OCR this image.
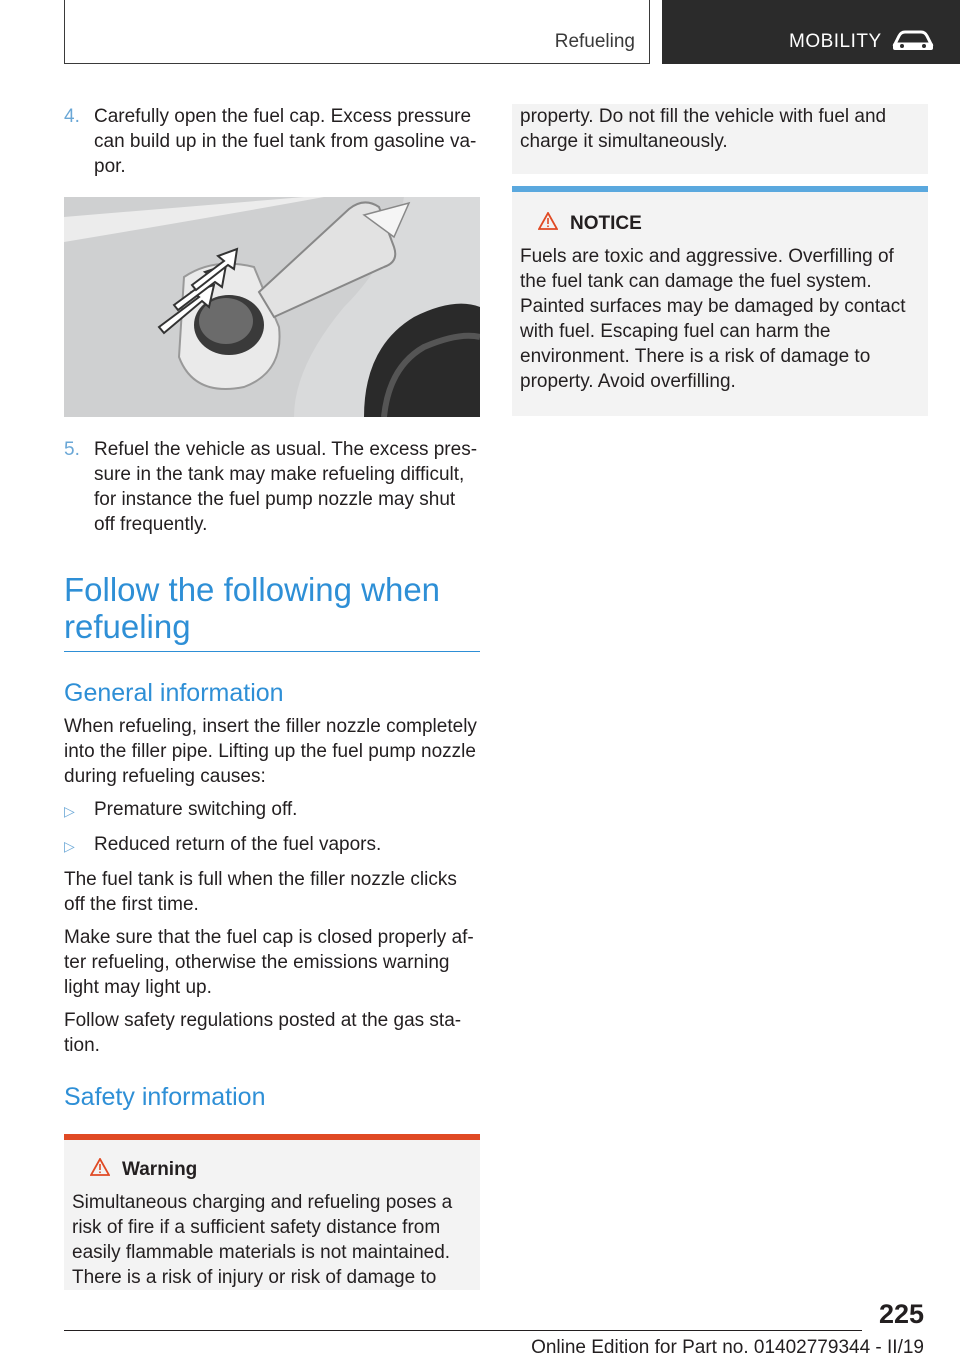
Refueling	MOBILITY
4. Carefully open the fuel cap. Excess pressure can build up in the fuel tank from gasoline va‐por.
5. Refuel the vehicle as usual. The excess pres‐sure in the tank may make refueling difficult, for instance the fuel pump nozzle may shut off frequently.
Follow the following when refueling
General information

When refueling, insert the filler nozzle completely into the filler pipe. Lifting up the fuel pump nozzle during refueling causes:

▷	Premature switching off.
▷	Reduced return of the fuel vapors.

The fuel tank is full when the filler nozzle clicks off the first time.

Make sure that the fuel cap is closed properly af‐ter refueling, otherwise the emissions warning light may light up.

Follow safety regulations posted at the gas sta‐tion.

Safety information
Warning

Simultaneous charging and refueling poses a risk of fire if a sufficient safety distance from easily flammable materials is not maintained. There is a risk of injury or risk of damage to

property. Do not fill the vehicle with fuel and charge it simultaneously.

NOTICE

Fuels are toxic and aggressive. Overfilling of the fuel tank can damage the fuel system. Painted surfaces may be damaged by contact with fuel. Escaping fuel can harm the environment. There is a risk of damage to property. Avoid overfilling.

225
Online Edition for Part no. 01402779344 - II/19
